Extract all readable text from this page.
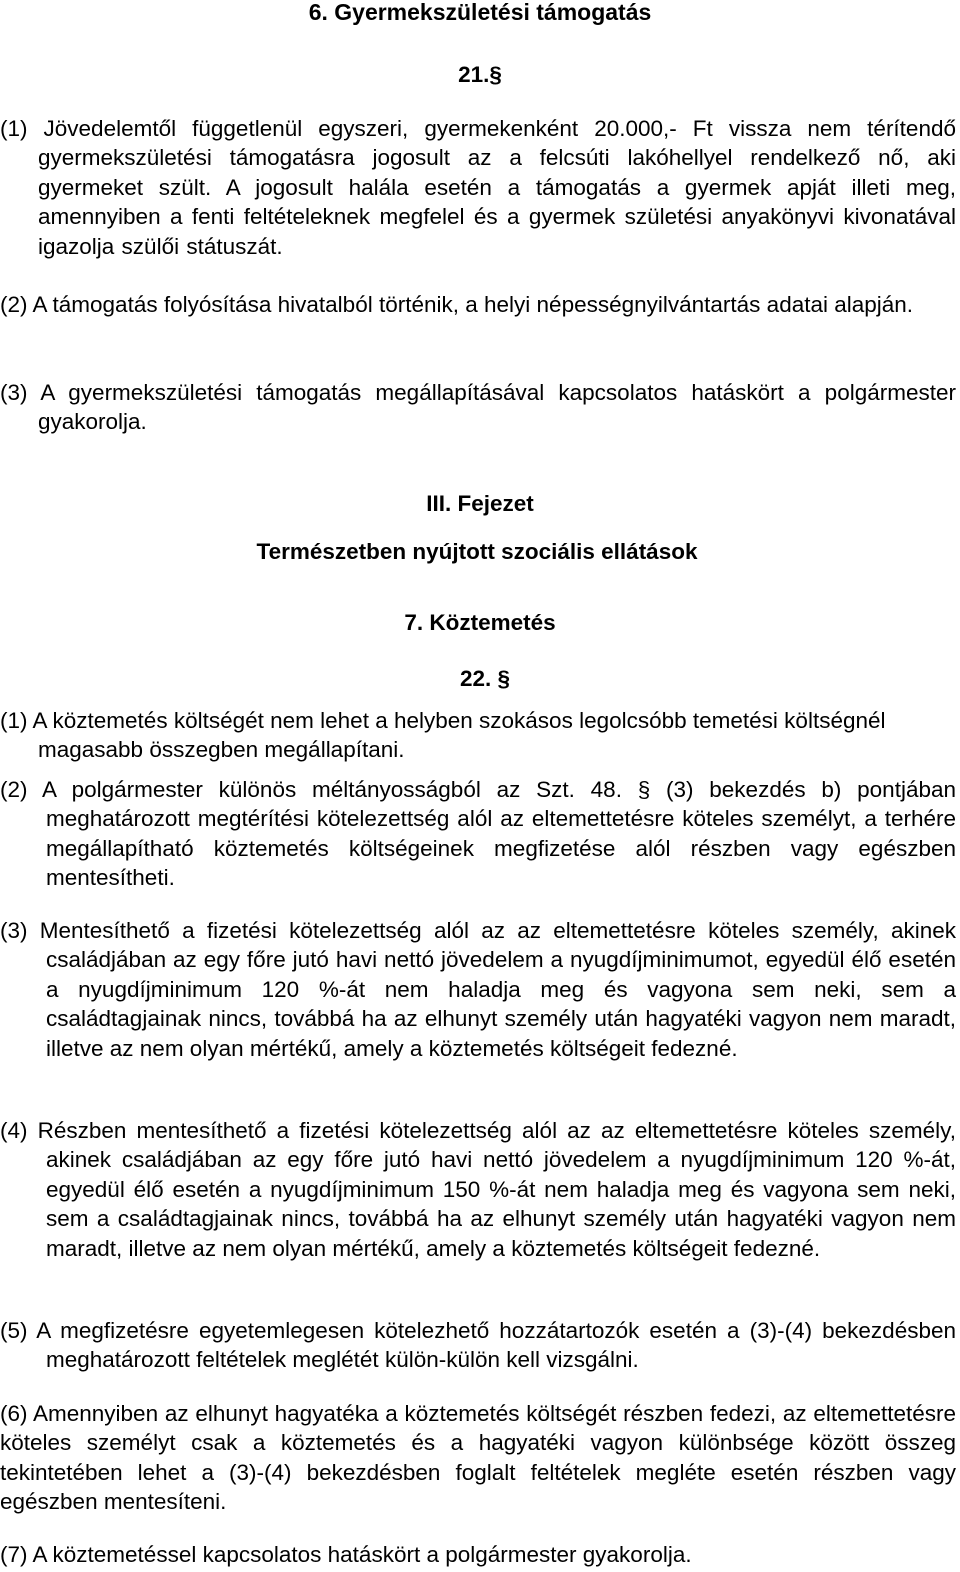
6. Gyermekszületési támogatás
21.§

(1) Jövedelemtől függetlenül egyszeri, gyermekenként 20.000,- Ft vissza nem térítendő gyermekszületési támogatásra jogosult az a felcsúti lakóhellyel rendelkező nő, aki gyermeket szült. A jogosult halála esetén a támogatás a gyermek apját illeti meg, amennyiben a fenti feltételeknek megfelel és a gyermek születési anyakönyvi kivonatával igazolja szülői státuszát.

(2) A támogatás folyósítása hivatalból történik, a helyi népességnyilvántartás adatai alapján.

(3) A gyermekszületési támogatás megállapításával kapcsolatos hatáskört a polgármester gyakorolja.

III. Fejezet
Természetben nyújtott szociális ellátások
7. Köztemetés
22. §

(1) A köztemetés költségét nem lehet a helyben szokásos legolcsóbb temetési költségnél magasabb összegben megállapítani.

(2) A polgármester különös méltányosságból az Szt. 48. § (3) bekezdés b) pontjában meghatározott megtérítési kötelezettség alól az eltemettetésre köteles személyt, a terhére megállapítható köztemetés költségeinek megfizetése alól részben vagy egészben mentesítheti.

(3) Mentesíthető a fizetési kötelezettség alól az az eltemettetésre köteles személy, akinek családjában az egy főre jutó havi nettó jövedelem a nyugdíjminimumot, egyedül élő esetén a nyugdíjminimum 120 %-át nem haladja meg és vagyona sem neki, sem a családtagjainak nincs, továbbá ha az elhunyt személy után hagyatéki vagyon nem maradt, illetve az nem olyan mértékű, amely a köztemetés költségeit fedezné.

(4) Részben mentesíthető a fizetési kötelezettség alól az az eltemettetésre köteles személy, akinek családjában az egy főre jutó havi nettó jövedelem a nyugdíjminimum 120 %-át, egyedül élő esetén a nyugdíjminimum 150 %-át nem haladja meg és vagyona sem neki, sem a családtagjainak nincs, továbbá ha az elhunyt személy után hagyatéki vagyon nem maradt, illetve az nem olyan mértékű, amely a köztemetés költségeit fedezné.

(5) A megfizetésre egyetemlegesen kötelezhető hozzátartozók esetén a (3)-(4) bekezdésben meghatározott feltételek meglétét külön-külön kell vizsgálni.

(6) Amennyiben az elhunyt hagyatéka a köztemetés költségét részben fedezi, az eltemettetésre köteles személyt csak a köztemetés és a hagyatéki vagyon különbsége között összeg tekintetében lehet a (3)-(4) bekezdésben foglalt feltételek megléte esetén részben vagy egészben mentesíteni.

(7) A köztemetéssel kapcsolatos hatáskört a polgármester gyakorolja.
